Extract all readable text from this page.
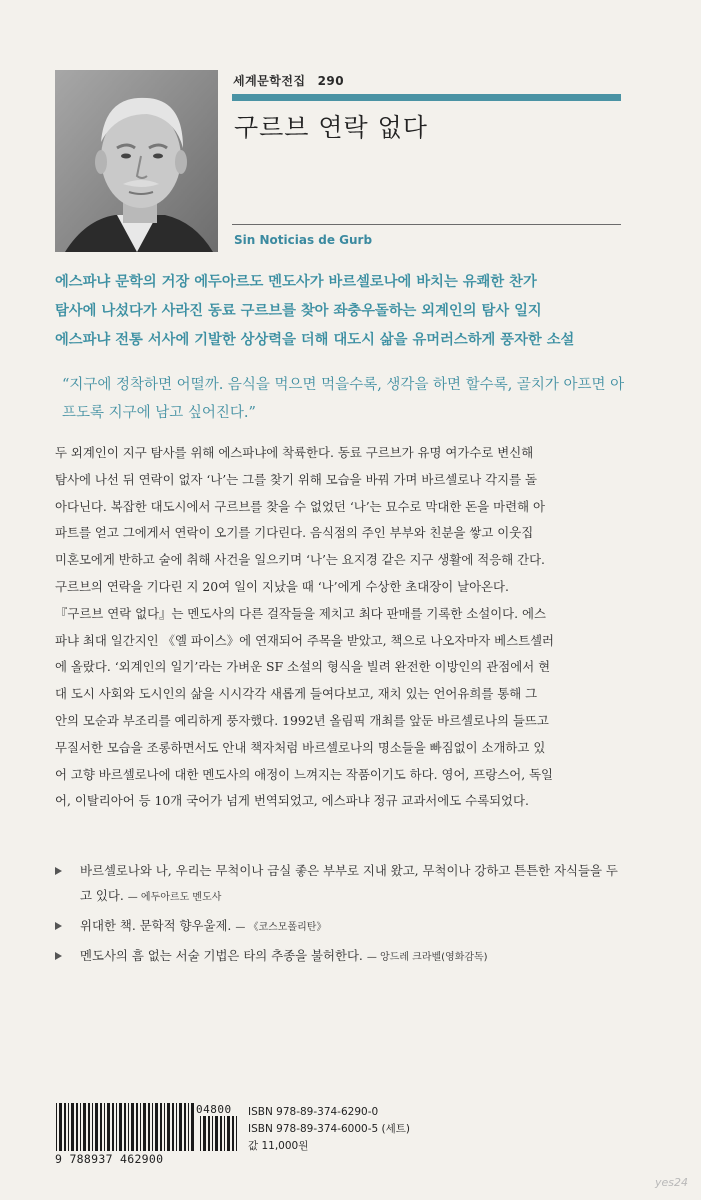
세계문학전집 290
구르브 연락 없다
Sin Noticias de Gurb
에스파냐 문학의 거장 에두아르도 멘도사가 바르셀로나에 바치는 유쾌한 찬가
탐사에 나섰다가 사라진 동료 구르브를 찾아 좌충우돌하는 외계인의 탐사 일지
에스파냐 전통 서사에 기발한 상상력을 더해 대도시 삶을 유머러스하게 풍자한 소설
“지구에 정착하면 어떨까. 음식을 먹으면 먹을수록, 생각을 하면 할수록, 골치가 아프면 아프도록 지구에 남고 싶어진다.”
두 외계인이 지구 탐사를 위해 에스파냐에 착륙한다. 동료 구르브가 유명 여가수로 변신해
탐사에 나선 뒤 연락이 없자 ‘나’는 그를 찾기 위해 모습을 바꿔 가며 바르셀로나 각지를 돌
아다닌다. 복잡한 대도시에서 구르브를 찾을 수 없었던 ‘나’는 묘수로 막대한 돈을 마련해 아
파트를 얻고 그에게서 연락이 오기를 기다린다. 음식점의 주인 부부와 친분을 쌓고 이웃집
미혼모에게 반하고 술에 취해 사건을 일으키며 ‘나’는 요지경 같은 지구 생활에 적응해 간다.
구르브의 연락을 기다린 지 20여 일이 지났을 때 ‘나’에게 수상한 초대장이 날아온다.
『구르브 연락 없다』는 멘도사의 다른 걸작들을 제치고 최다 판매를 기록한 소설이다. 에스
파냐 최대 일간지인 《엘 파이스》에 연재되어 주목을 받았고, 책으로 나오자마자 베스트셀러
에 올랐다. ‘외계인의 일기’라는 가벼운 SF 소설의 형식을 빌려 완전한 이방인의 관점에서 현
대 도시 사회와 도시인의 삶을 시시각각 새롭게 들여다보고, 재치 있는 언어유희를 통해 그
안의 모순과 부조리를 예리하게 풍자했다. 1992년 올림픽 개최를 앞둔 바르셀로나의 들뜨고
무질서한 모습을 조롱하면서도 안내 책자처럼 바르셀로나의 명소들을 빠짐없이 소개하고 있
어 고향 바르셀로나에 대한 멘도사의 애정이 느껴지는 작품이기도 하다. 영어, 프랑스어, 독일
어, 이탈리아어 등 10개 국어가 넘게 번역되었고, 에스파냐 정규 교과서에도 수록되었다.
바르셀로나와 나, 우리는 무척이나 금실 좋은 부부로 지내 왔고, 무척이나 강하고 튼튼한 자식들을 두고 있다. — 에두아르도 멘도사
위대한 책. 문학적 향우울제. — 《코스모폴리탄》
멘도사의 흠 없는 서술 기법은 타의 추종을 불허한다. — 앙드레 크라벨(영화감독)
9 788937 462900
04800 ISBN 978-89-374-6290-0
ISBN 978-89-374-6000-5 (세트)
값 11,000원
yes24
